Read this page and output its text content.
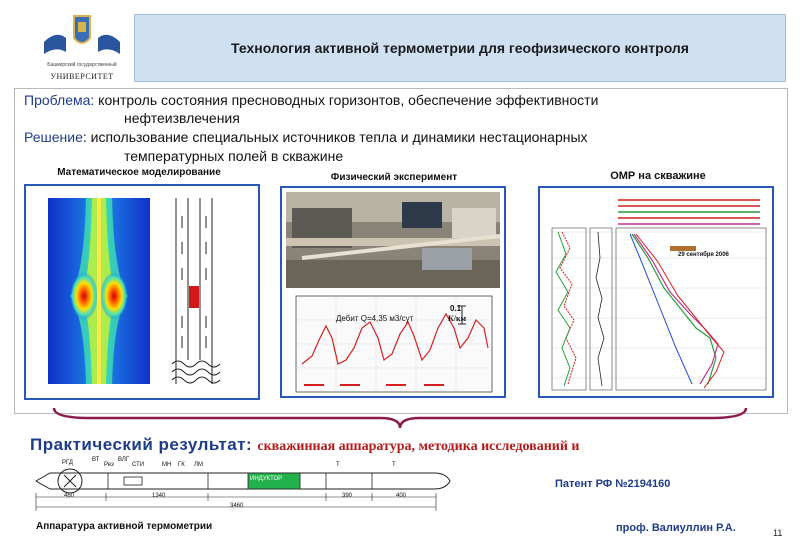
Башкирский государственный
УНИВЕРСИТЕТ
Технология активной термометрии для геофизического контроля
Проблема: контроль состояния пресноводных горизонтов, обеспечение эффективности
нефтеизвлечения
Решение: использование специальных источников тепла и динамики нестационарных
температурных полей в скважине
Математическое моделирование	Физический эксперимент	ОМР на скважине
Дебит Q=4,35 м3/сут
0.1
К/км
29 сентября 2006
Практический результат: скважинная аппаратура, методика исследований и
РГД	ВТ
Рез
ВЛГ
СТИ	МН ГК ЛМ
ИНДУКТОР
Т	Т
460	1340	390	400
3460
Аппаратура активной термометрии
Патент РФ №2194160
проф. Валиуллин Р.А.	11
